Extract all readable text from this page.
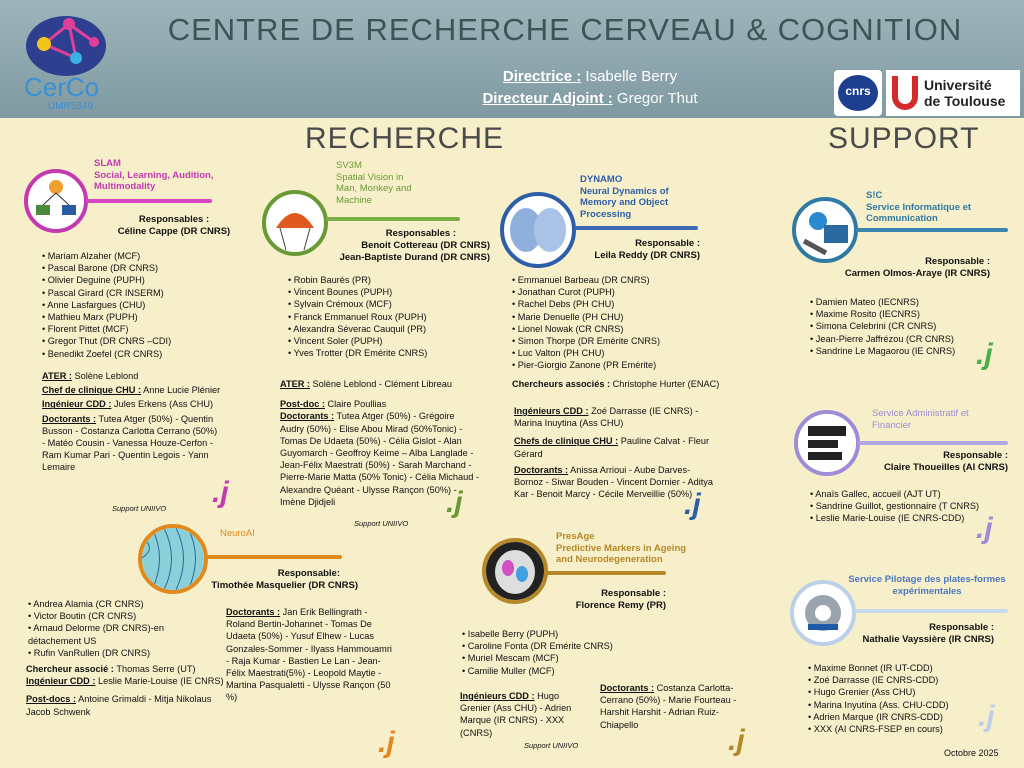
CerCo
UMR5549
CENTRE DE RECHERCHE CERVEAU & COGNITION
Directrice : Isabelle Berry
Directeur Adjoint : Gregor Thut	cnrs	Université
de Toulouse
RECHERCHE	SUPPORT
SLAM
Social, Learning, Audition,
Multimodality
Responsables :
Céline Cappe (DR CNRS)
• Mariam Alzaher (MCF)
• Pascal Barone (DR CNRS)
• Olivier Deguine (PUPH)
• Pascal Girard (CR INSERM)
• Anne Lasfargues (CHU)
• Mathieu Marx (PUPH)
• Florent Pittet (MCF)
• Gregor Thut (DR CNRS –CDI)
• Benedikt Zoefel (CR CNRS)
ATER : Solène Leblond
Chef de clinique CHU : Anne Lucie Plénier
Ingénieur CDD : Jules Erkens (Ass CHU)
Doctorants : Tutea Atger (50%) - Quentin Busson - Costanza Carlotta Cerrano (50%) - Matéo Cousin - Vanessa Houze-Cerfon - Ram Kumar Pari - Quentin Legois - Yann Lemaire
Support UNIIVO .j
SV3M
Spatial Vision in
Man, Monkey and
Machine
Responsables :
Benoit Cottereau (DR CNRS)
Jean-Baptiste Durand (DR CNRS)
• Robin Baurès (PR)
• Vincent Bounes (PUPH)
• Sylvain Crémoux (MCF)
• Franck Emmanuel Roux (PUPH)
• Alexandra Séverac Cauquil (PR)
• Vincent Soler (PUPH)
• Yves Trotter (DR Emérite CNRS)
ATER : Solène Leblond - Clément Libreau
Post-doc : Claire Poullias
Doctorants : Tutea Atger (50%) - Grégoire Audry (50%) - Elise Abou Mirad (50%Tonic) - Tomas De Udaeta (50%) - Célia Gislot - Alan Guyomarch - Geoffroy Keime – Alba Langlade - Jean-Félix Maestrati (50%) - Sarah Marchand - Pierre-Marie Matta (50% Tonic) - Célia Michaud - Alexandre Quéant - Ulysse Rançon (50%) - Imène Djidjeli
Support UNIIVO
.j
DYNAMO
Neural Dynamics of
Memory and Object
Processing
Responsable :
Leila Reddy (DR CNRS)
• Emmanuel Barbeau (DR CNRS)
• Jonathan Curot (PUPH)
• Rachel Debs (PH CHU)
• Marie Denuelle (PH CHU)
• Lionel Nowak (CR CNRS)
• Simon Thorpe (DR Emérite CNRS)
• Luc Valton (PH CHU)
• Pier-Giorgio Zanone (PR Emérite)
Chercheurs associés : Christophe Hurter (ENAC)
Ingénieurs CDD : Zoé Darrasse (IE CNRS) - Marina Inuytina (Ass CHU)
Chefs de clinique CHU : Pauline Calvat - Fleur Gérard
Doctorants : Anissa Arrioui - Aube Darves-Bornoz - Siwar Bouden - Vincent Dornier - Aditya Kar - Benoit Marcy - Cécile Merveillie (50%)
.j
NeuroAI
Responsable:
Timothée Masquelier (DR CNRS)
• Andrea Alamia (CR CNRS)
• Victor Boutin (CR CNRS)
• Arnaud Delorme (DR CNRS)-en détachement US
• Rufin VanRullen (DR CNRS)
Chercheur associé : Thomas Serre (UT)
Ingénieur CDD : Leslie Marie-Louise (IE CNRS)
Post-docs : Antoine Grimaldi - Mitja Nikolaus Jacob Schwenk
Doctorants : Jan Erik Bellingrath - Roland Bertin-Johannet - Tomas De Udaeta (50%) - Yusuf Elhew - Lucas Gonzales-Sommer - Ilyass Hammouamri - Raja Kumar - Bastien Le Lan - Jean-Félix Maestrati(5%) - Leopold Maytie - Martina Pasqualetti - Ulysse Rançon (50 %)
.j
PresAge
Predictive Markers in Ageing
and Neurodegeneration
Responsable :
Florence Remy (PR)
• Isabelle Berry (PUPH)
• Caroline Fonta (DR Emérite CNRS)
• Muriel Mescam (MCF)
• Camilie Muller (MCF)
Ingénieurs CDD : Hugo Grenier (Ass CHU) - Adrien Marque (IR CNRS) - XXX (CNRS)
Doctorants : Costanza Carlotta-Cerrano (50%) - Marie Fourteau - Harshit Harshit - Adrian Ruiz-Chiapello
Support UNIIVO	.j
S!C
Service Informatique et
Communication
Responsable :
Carmen Olmos-Araye (IR CNRS)
• Damien Mateo (IECNRS)
• Maxime Rosito (IECNRS)
• Simona Celebrini (CR CNRS)
• Jean-Pierre Jaffrézou (CR CNRS)
• Sandrine Le Magaorou (IE CNRS) .j
Service Administratif et
Financier
Responsable :
Claire Thoueilles (AI CNRS)
• Anaïs Gallec, accueil (AJT UT)
• Sandrine Guillot, gestionnaire (T CNRS)
• Leslie Marie-Louise (IE CNRS-CDD) .j
Service Pilotage des plates-formes
expérimentales
Responsable :
Nathalie Vayssière (IR CNRS)
• Maxime Bonnet (IR UT-CDD)
• Zoé Darrasse (IE CNRS-CDD)
• Hugo Grenier (Ass CHU)
• Marina Inyutina (Ass. CHU-CDD)
• Adrien Marque (IR CNRS-CDD)
• XXX (AI CNRS-FSEP en cours)	.j
Octobre 2025
